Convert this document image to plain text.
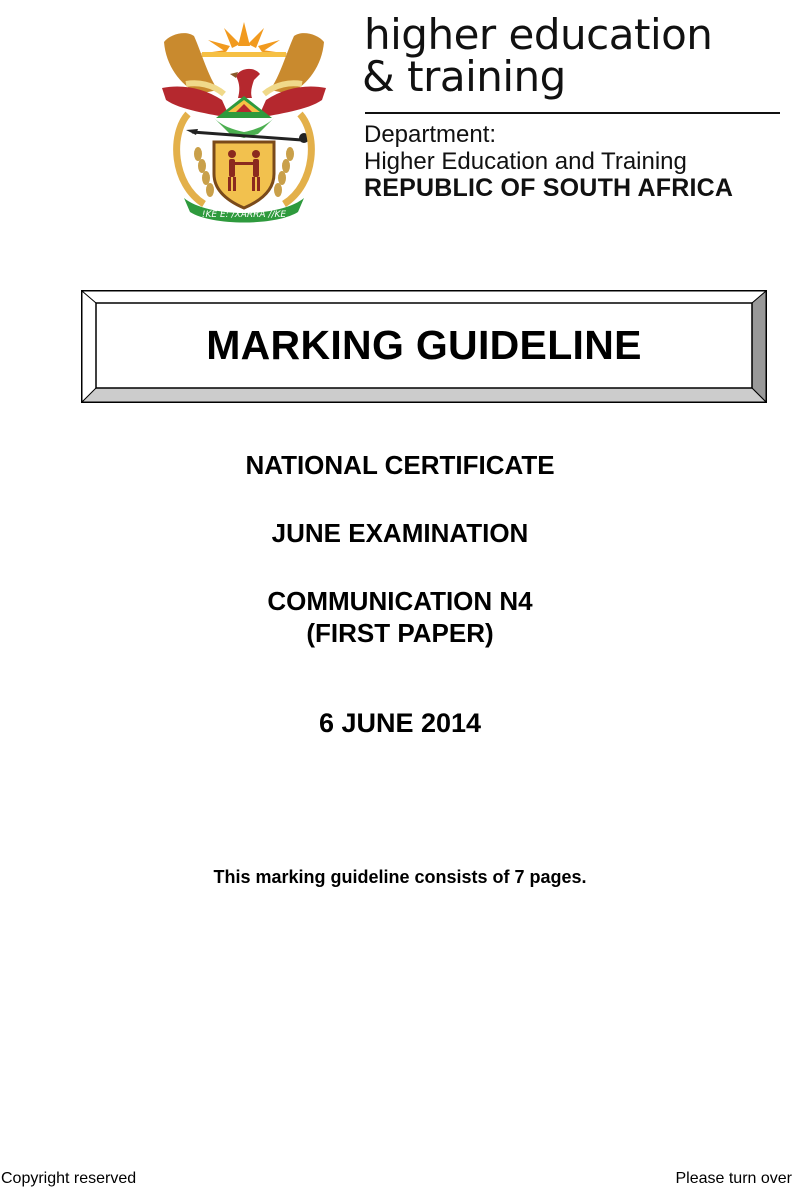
!KE E: /XARRA //KE
higher education
& training
Department:
Higher Education and Training
REPUBLIC OF SOUTH AFRICA
MARKING GUIDELINE
NATIONAL CERTIFICATE
JUNE EXAMINATION
COMMUNICATION N4
(FIRST PAPER)
6 JUNE 2014
This marking guideline consists of 7 pages.
Copyright reserved	Please turn over
